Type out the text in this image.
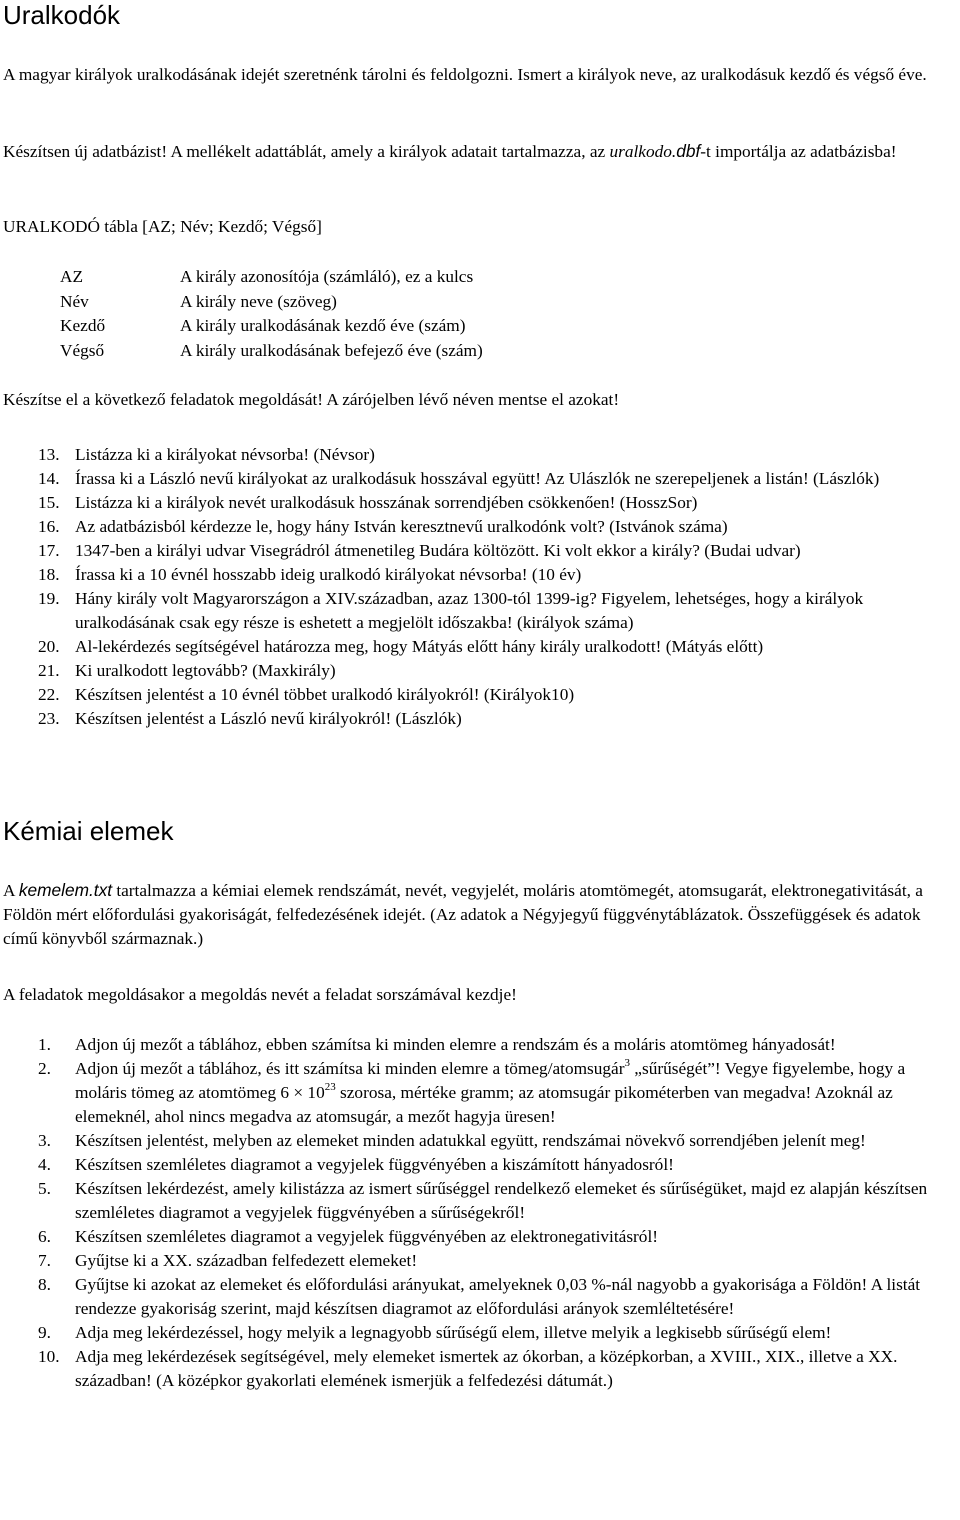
Uralkodók

A magyar királyok uralkodásának idejét szeretnénk tárolni és feldolgozni. Ismert a királyok neve, az uralkodásuk kezdő és végső éve.

Készítsen új adatbázist! A mellékelt adattáblát, amely a királyok adatait tartalmazza, az uralkodo.dbf-t importálja az adatbázisba!

URALKODÓ tábla [AZ; Név; Kezdő; Végső]

AZ	A király azonosítója (számláló), ez a kulcs
Név	A király neve (szöveg)
Kezdő	A király uralkodásának kezdő éve (szám)
Végső	A király uralkodásának befejező éve (szám)

Készítse el a következő feladatok megoldását! A zárójelben lévő néven mentse el azokat!

13. Listázza ki a királyokat névsorba! (Névsor)
14. Írassa ki a László nevű királyokat az uralkodásuk hosszával együtt! Az Ulászlók ne szerepeljenek a listán! (Lászlók)
15. Listázza ki a királyok nevét uralkodásuk hosszának sorrendjében csökkenően! (HosszSor)
16. Az adatbázisból kérdezze le, hogy hány István keresztnevű uralkodónk volt? (Istvánok száma)
17. 1347-ben a királyi udvar Visegrádról átmenetileg Budára költözött. Ki volt ekkor a király? (Budai udvar)
18. Írassa ki a 10 évnél hosszabb ideig uralkodó királyokat névsorba! (10 év)
19. Hány király volt Magyarországon a XIV.században, azaz 1300-tól 1399-ig? Figyelem, lehetséges, hogy a királyok uralkodásának csak egy része is eshetett a megjelölt időszakba! (királyok száma)
20. Al-lekérdezés segítségével határozza meg, hogy Mátyás előtt hány király uralkodott! (Mátyás előtt)
21. Ki uralkodott legtovább? (Maxkirály)
22. Készítsen jelentést a 10 évnél többet uralkodó királyokról! (Királyok10)
23. Készítsen jelentést a László nevű királyokról! (Lászlók)
Kémiai elemek

A kemelem.txt tartalmazza a kémiai elemek rendszámát, nevét, vegyjelét, moláris atomtömegét, atomsugarát, elektronegativitását, a Földön mért előfordulási gyakoriságát, felfedezésének idejét. (Az adatok a Négyjegyű függvénytáblázatok. Összefüggések és adatok című könyvből származnak.)

A feladatok megoldásakor a megoldás nevét a feladat sorszámával kezdje!

1. Adjon új mezőt a táblához, ebben számítsa ki minden elemre a rendszám és a moláris atomtömeg hányadosát!
2. Adjon új mezőt a táblához, és itt számítsa ki minden elemre a tömeg/atomsugár$^3$ „sűrűségét”! Vegye figyelembe, hogy a moláris tömeg az atomtömeg $6 \times 10^{23}$ szorosa, mértéke gramm; az atomsugár pikométerben van megadva! Azoknál az elemeknél, ahol nincs megadva az atomsugár, a mezőt hagyja üresen!
3. Készítsen jelentést, melyben az elemeket minden adatukkal együtt, rendszámai növekvő sorrendjében jelenít meg!
4. Készítsen szemléletes diagramot a vegyjelek függvényében a kiszámított hányadosról!
5. Készítsen lekérdezést, amely kilistázza az ismert sűrűséggel rendelkező elemeket és sűrűségüket, majd ez alapján készítsen szemléletes diagramot a vegyjelek függvényében a sűrűségekről!
6. Készítsen szemléletes diagramot a vegyjelek függvényében az elektronegativitásról!
7. Gyűjtse ki a XX. században felfedezett elemeket!
8. Gyűjtse ki azokat az elemeket és előfordulási arányukat, amelyeknek 0,03 %-nál nagyobb a gyakorisága a Földön! A listát rendezze gyakoriság szerint, majd készítsen diagramot az előfordulási arányok szemléltetésére!
9. Adja meg lekérdezéssel, hogy melyik a legnagyobb sűrűségű elem, illetve melyik a legkisebb sűrűségű elem!
10. Adja meg lekérdezések segítségével, mely elemeket ismertek az ókorban, a középkorban, a XVIII., XIX., illetve a XX. században! (A középkor gyakorlati elemének ismerjük a felfedezési dátumát.)
